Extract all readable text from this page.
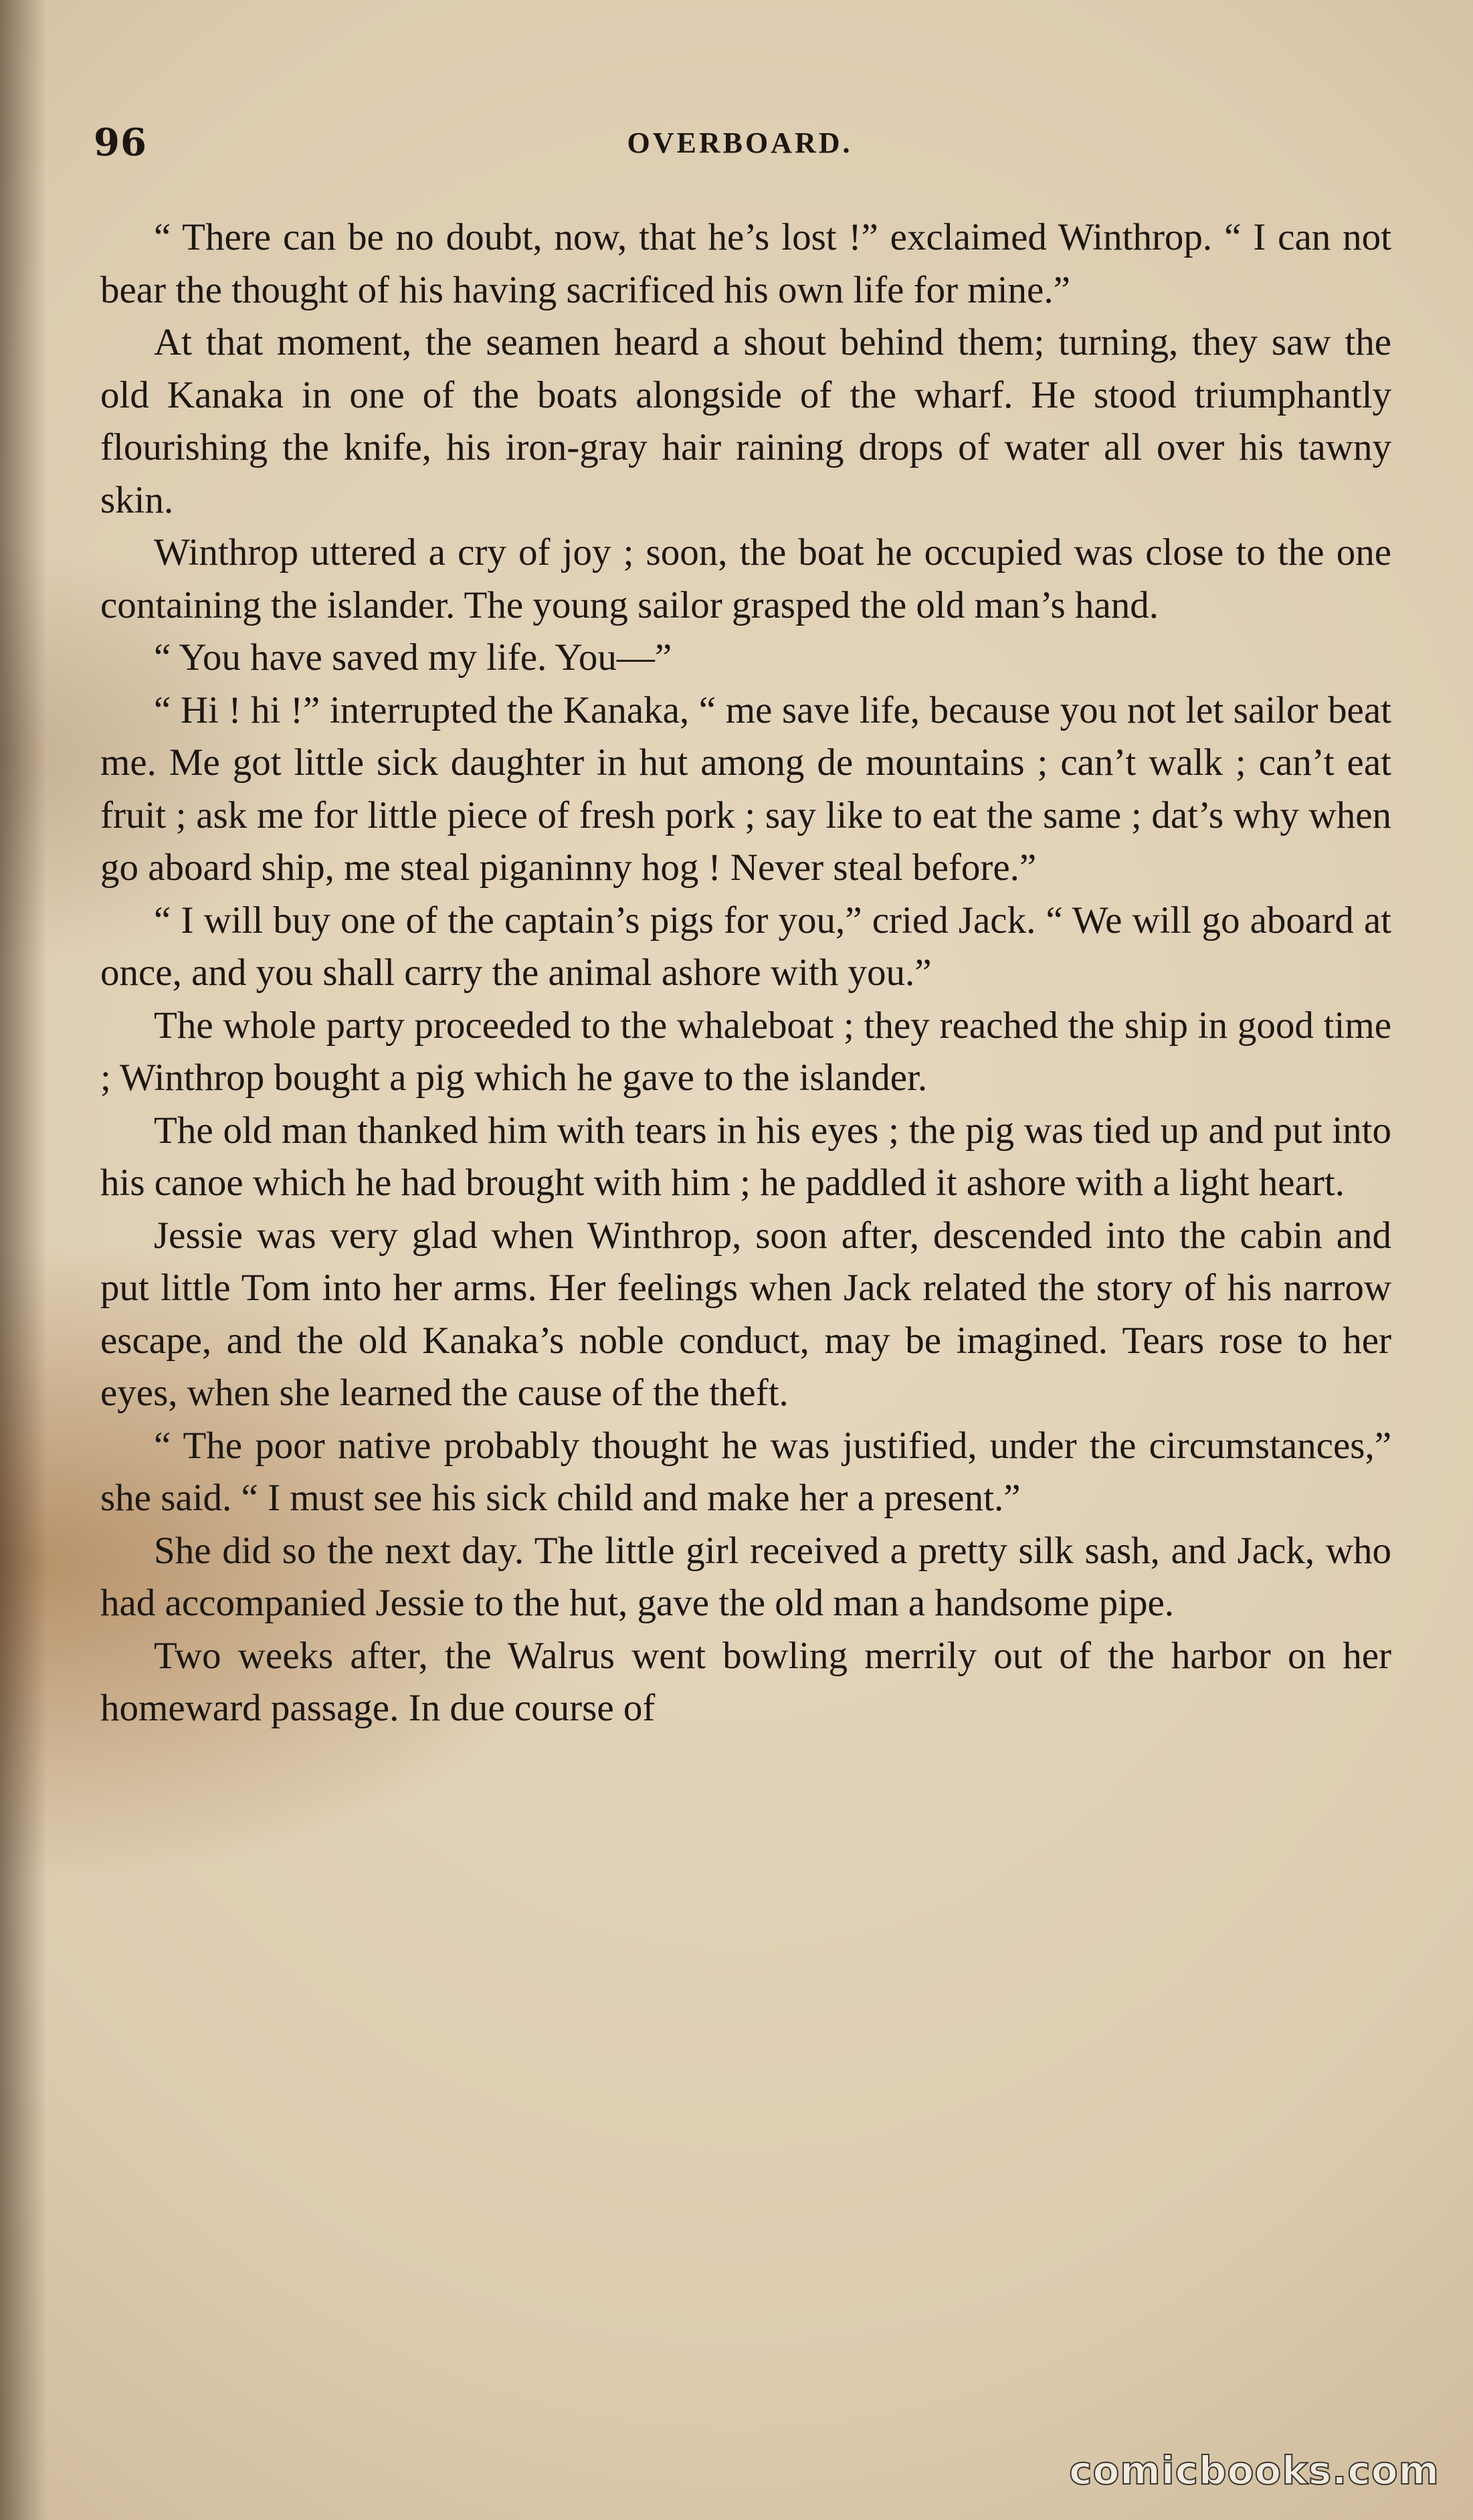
96	OVERBOARD.

“ There can be no doubt, now, that he’s lost !” exclaimed Winthrop. “ I can not bear the thought of his having sacrificed his own life for mine.”

At that moment, the seamen heard a shout behind them; turning, they saw the old Kanaka in one of the boats alongside of the wharf. He stood triumphantly flourishing the knife, his iron-gray hair raining drops of water all over his tawny skin.

Winthrop uttered a cry of joy ; soon, the boat he occupied was close to the one containing the islander. The young sailor grasped the old man’s hand.

“ You have saved my life. You—”

“ Hi ! hi !” interrupted the Kanaka, “ me save life, because you not let sailor beat me. Me got little sick daughter in hut among de mountains ; can’t walk ; can’t eat fruit ; ask me for little piece of fresh pork ; say like to eat the same ; dat’s why when go aboard ship, me steal piganinny hog ! Never steal before.”

“ I will buy one of the captain’s pigs for you,” cried Jack. “ We will go aboard at once, and you shall carry the animal ashore with you.”

The whole party proceeded to the whaleboat ; they reached the ship in good time ; Winthrop bought a pig which he gave to the islander.

The old man thanked him with tears in his eyes ; the pig was tied up and put into his canoe which he had brought with him ; he paddled it ashore with a light heart.

Jessie was very glad when Winthrop, soon after, descended into the cabin and put little Tom into her arms. Her feelings when Jack related the story of his narrow escape, and the old Kanaka’s noble conduct, may be imagined. Tears rose to her eyes, when she learned the cause of the theft.

“ The poor native probably thought he was justified, under the circumstances,” she said. “ I must see his sick child and make her a present.”

She did so the next day. The little girl received a pretty silk sash, and Jack, who had accompanied Jessie to the hut, gave the old man a handsome pipe.

Two weeks after, the Walrus went bowling merrily out of the harbor on her homeward passage. In due course of

comicbooks.com
